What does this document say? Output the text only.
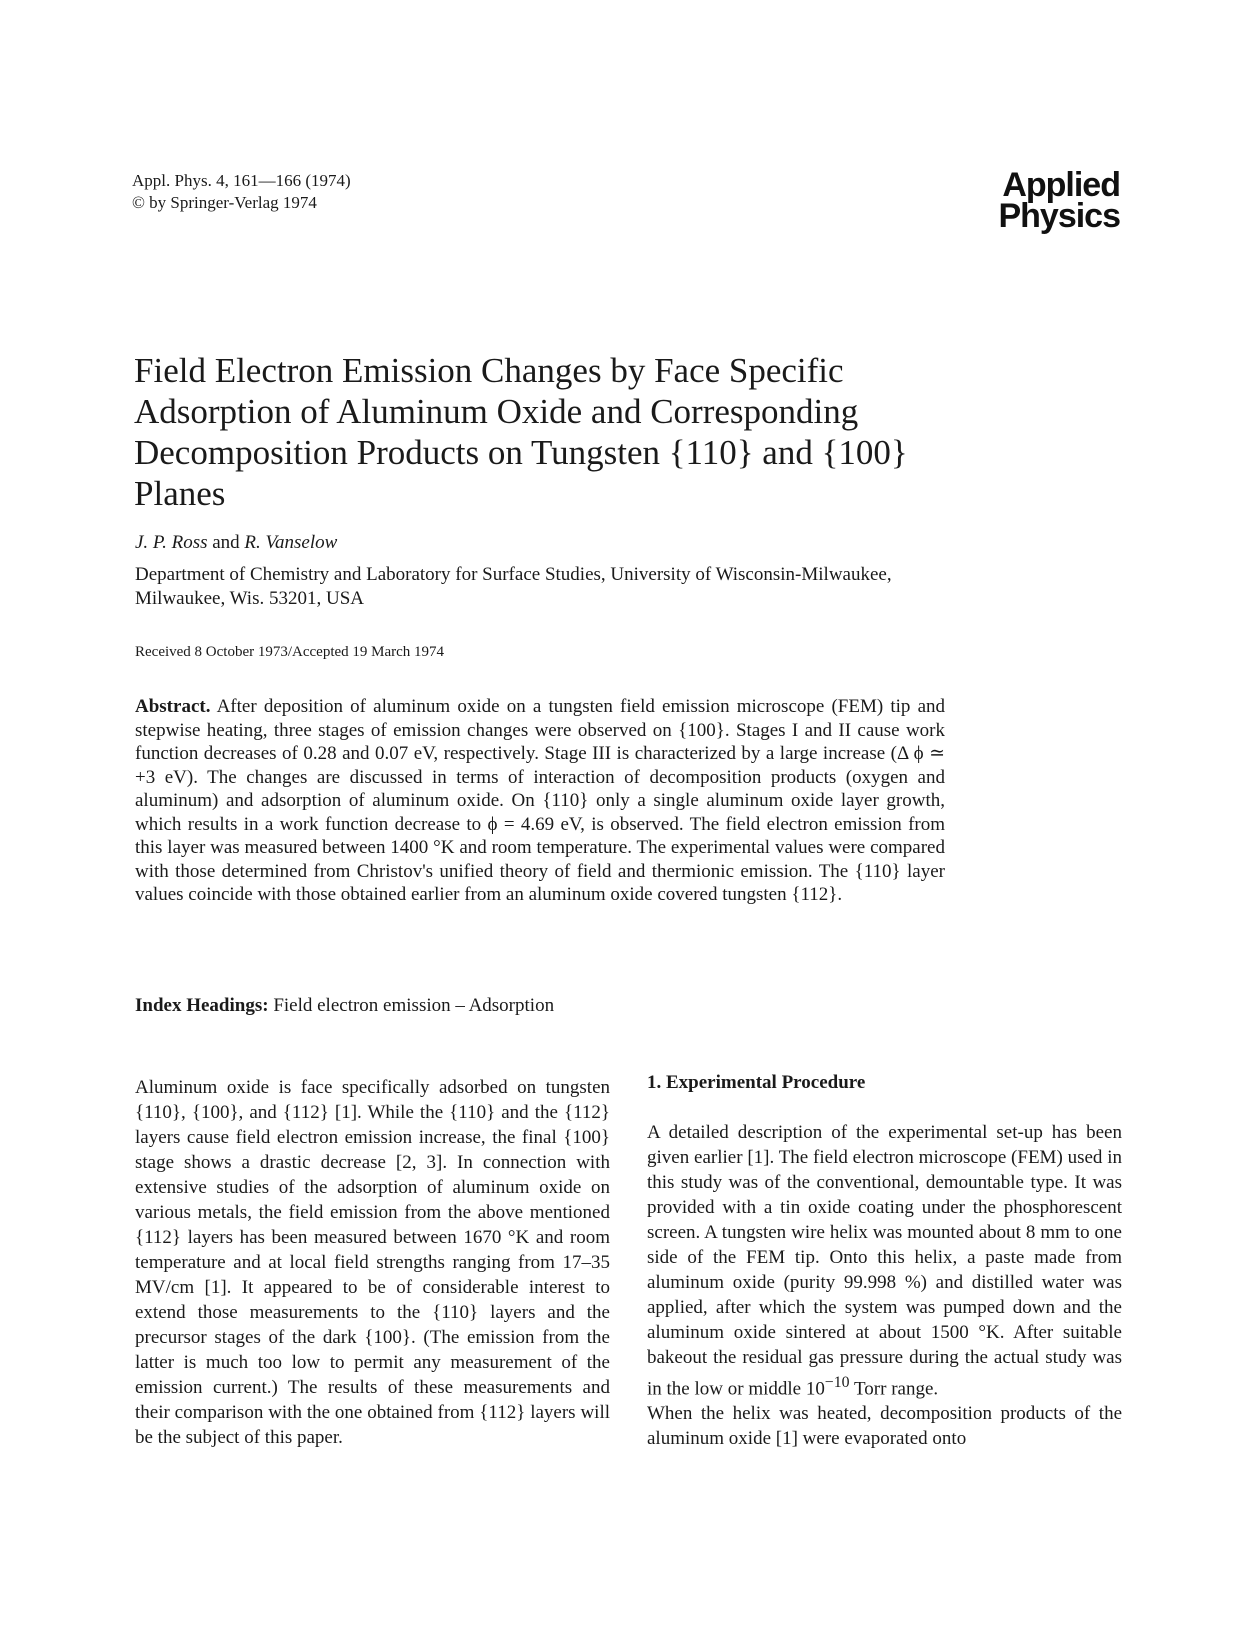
Appl. Phys. 4, 161—166 (1974)
© by Springer-Verlag 1974	Applied
Physics
Field Electron Emission Changes by Face Specific Adsorption of Aluminum Oxide and Corresponding Decomposition Products on Tungsten {110} and {100} Planes
J. P. Ross and R. Vanselow
Department of Chemistry and Laboratory for Surface Studies, University of Wisconsin-Milwaukee, Milwaukee, Wis. 53201, USA
Received 8 October 1973/Accepted 19 March 1974
Abstract. After deposition of aluminum oxide on a tungsten field emission microscope (FEM) tip and stepwise heating, three stages of emission changes were observed on {100}. Stages I and II cause work function decreases of 0.28 and 0.07 eV, respectively. Stage III is characterized by a large increase (Δ ϕ ≃ +3 eV). The changes are discussed in terms of interaction of decomposition products (oxygen and aluminum) and adsorption of aluminum oxide. On {110} only a single aluminum oxide layer growth, which results in a work function decrease to ϕ = 4.69 eV, is observed. The field electron emission from this layer was measured between 1400 °K and room temperature. The experimental values were compared with those determined from Christov's unified theory of field and thermionic emission. The {110} layer values coincide with those obtained earlier from an aluminum oxide covered tungsten {112}.
Index Headings: Field electron emission – Adsorption
Aluminum oxide is face specifically adsorbed on tungsten {110}, {100}, and {112} [1]. While the {110} and the {112} layers cause field electron emission increase, the final {100} stage shows a drastic decrease [2, 3]. In connection with extensive studies of the adsorption of aluminum oxide on various metals, the field emission from the above mentioned {112} layers has been measured between 1670 °K and room temperature and at local field strengths ranging from 17–35 MV/cm [1]. It appeared to be of considerable interest to extend those measurements to the {110} layers and the precursor stages of the dark {100}. (The emission from the latter is much too low to permit any measurement of the emission current.) The results of these measurements and their comparison with the one obtained from {112} layers will be the subject of this paper.
1. Experimental Procedure
A detailed description of the experimental set-up has been given earlier [1]. The field electron microscope (FEM) used in this study was of the conventional, demountable type. It was provided with a tin oxide coating under the phosphorescent screen. A tungsten wire helix was mounted about 8 mm to one side of the FEM tip. Onto this helix, a paste made from aluminum oxide (purity 99.998 %) and distilled water was applied, after which the system was pumped down and the aluminum oxide sintered at about 1500 °K. After suitable bakeout the residual gas pressure during the actual study was in the low or middle $10^{-10}$ Torr range.
When the helix was heated, decomposition products of the aluminum oxide [1] were evaporated onto
